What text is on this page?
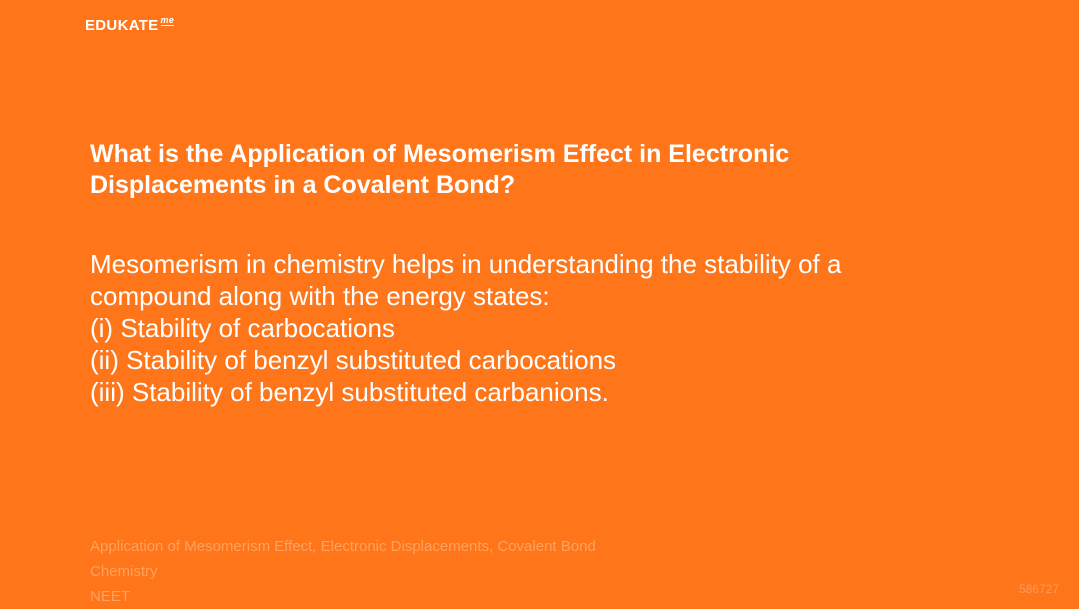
EDUKATE me
What is the Application of Mesomerism Effect in Electronic Displacements in a Covalent Bond?
Mesomerism in chemistry helps in understanding the stability of a
compound along with the energy states:
(i) Stability of carbocations
(ii) Stability of benzyl substituted carbocations
(iii) Stability of benzyl substituted carbanions.
Application of Mesomerism Effect, Electronic Displacements, Covalent Bond
Chemistry
NEET	586727
